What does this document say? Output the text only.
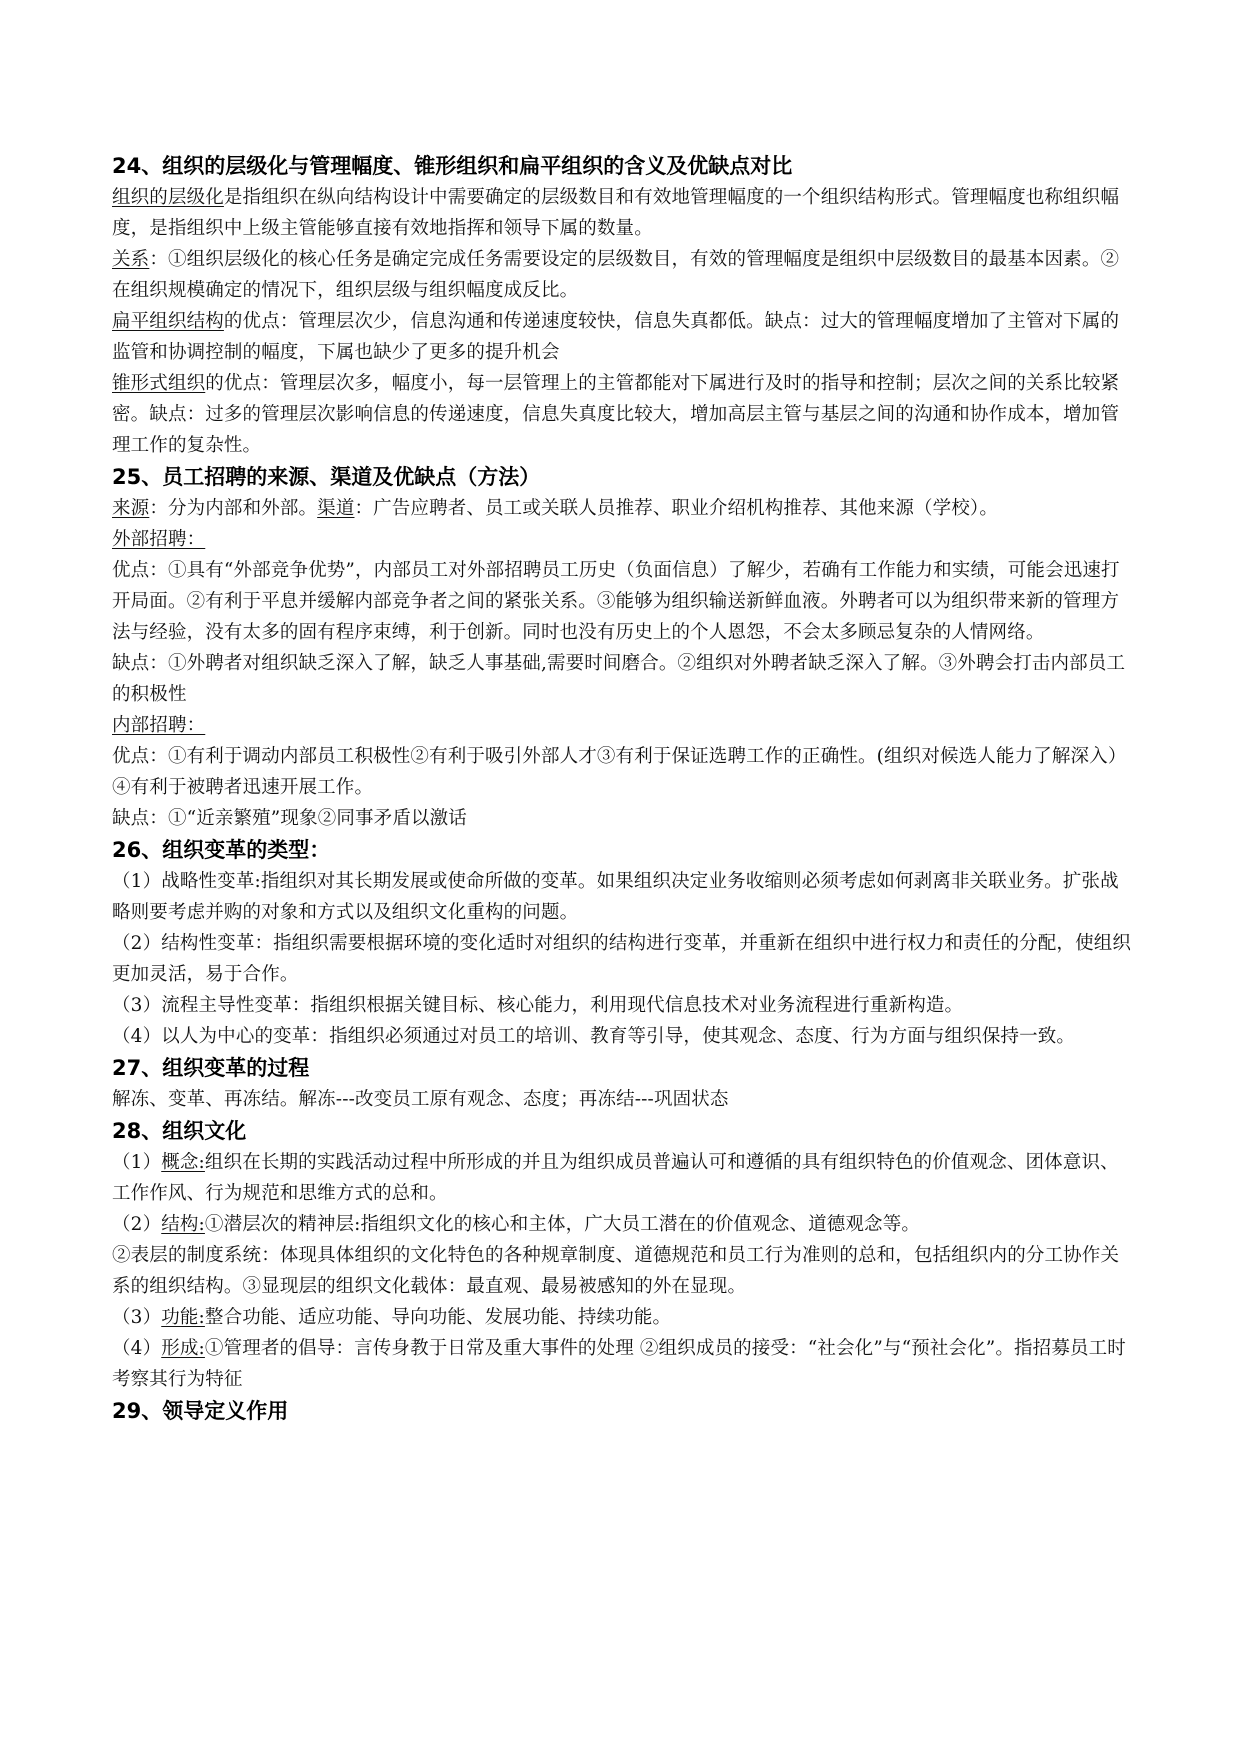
24、组织的层级化与管理幅度、锥形组织和扁平组织的含义及优缺点对比

组织的层级化是指组织在纵向结构设计中需要确定的层级数目和有效地管理幅度的一个组织结构形式。管理幅度也称组织幅度，是指组织中上级主管能够直接有效地指挥和领导下属的数量。

关系：①组织层级化的核心任务是确定完成任务需要设定的层级数目，有效的管理幅度是组织中层级数目的最基本因素。②在组织规模确定的情况下，组织层级与组织幅度成反比。

扁平组织结构的优点：管理层次少，信息沟通和传递速度较快，信息失真都低。缺点：过大的管理幅度增加了主管对下属的监管和协调控制的幅度，下属也缺少了更多的提升机会

锥形式组织的优点：管理层次多，幅度小，每一层管理上的主管都能对下属进行及时的指导和控制；层次之间的关系比较紧密。缺点：过多的管理层次影响信息的传递速度，信息失真度比较大，增加高层主管与基层之间的沟通和协作成本，增加管理工作的复杂性。

25、员工招聘的来源、渠道及优缺点（方法）

来源：分为内部和外部。渠道：广告应聘者、员工或关联人员推荐、职业介绍机构推荐、其他来源（学校）。

外部招聘：

优点：①具有“外部竞争优势”，内部员工对外部招聘员工历史（负面信息）了解少，若确有工作能力和实绩，可能会迅速打开局面。②有利于平息并缓解内部竞争者之间的紧张关系。③能够为组织输送新鲜血液。外聘者可以为组织带来新的管理方法与经验，没有太多的固有程序束缚，利于创新。同时也没有历史上的个人恩怨，不会太多顾忌复杂的人情网络。

缺点：①外聘者对组织缺乏深入了解，缺乏人事基础,需要时间磨合。②组织对外聘者缺乏深入了解。③外聘会打击内部员工的积极性

内部招聘：

优点：①有利于调动内部员工积极性②有利于吸引外部人才③有利于保证选聘工作的正确性。(组织对候选人能力了解深入）④有利于被聘者迅速开展工作。

缺点：①“近亲繁殖”现象②同事矛盾以激话

26、组织变革的类型：

（1）战略性变革:指组织对其长期发展或使命所做的变革。如果组织决定业务收缩则必须考虑如何剥离非关联业务。扩张战略则要考虑并购的对象和方式以及组织文化重构的问题。

（2）结构性变革：指组织需要根据环境的变化适时对组织的结构进行变革，并重新在组织中进行权力和责任的分配，使组织更加灵活，易于合作。

（3）流程主导性变革：指组织根据关键目标、核心能力，利用现代信息技术对业务流程进行重新构造。

（4）以人为中心的变革：指组织必须通过对员工的培训、教育等引导，使其观念、态度、行为方面与组织保持一致。

27、组织变革的过程

解冻、变革、再冻结。解冻---改变员工原有观念、态度；再冻结---巩固状态

28、组织文化

（1）概念:组织在长期的实践活动过程中所形成的并且为组织成员普遍认可和遵循的具有组织特色的价值观念、团体意识、工作作风、行为规范和思维方式的总和。

（2）结构:①潜层次的精神层:指组织文化的核心和主体，广大员工潜在的价值观念、道德观念等。

②表层的制度系统：体现具体组织的文化特色的各种规章制度、道德规范和员工行为准则的总和，包括组织内的分工协作关系的组织结构。③显现层的组织文化载体：最直观、最易被感知的外在显现。

（3）功能:整合功能、适应功能、导向功能、发展功能、持续功能。

（4）形成:①管理者的倡导：言传身教于日常及重大事件的处理 ②组织成员的接受：“社会化”与“预社会化”。指招募员工时考察其行为特征

29、领导定义作用
